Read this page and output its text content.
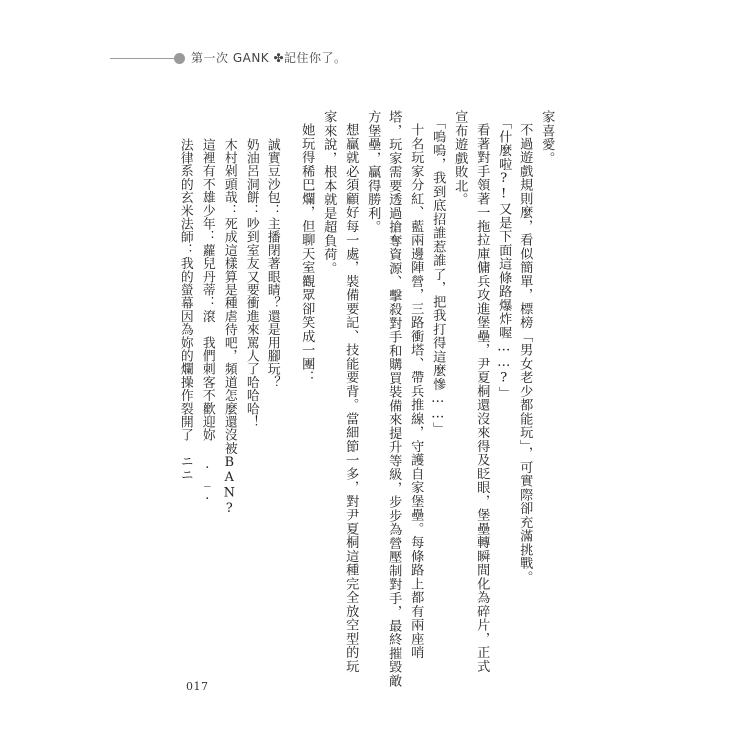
第一次 GANK ✤記住你了。
家喜愛。
不過遊戲規則麼，看似簡單，標榜「男女老少都能玩」，可實際卻充滿挑戰。
「什麼啦?!又是下面這條路爆炸喔……?」
看著對手領著一拖拉庫傭兵攻進堡壘，尹夏桐還沒來得及眨眼，堡壘轉瞬間化為碎片，正式
宣布遊戲敗北。
「嗚嗚，我到底招誰惹誰了，把我打得這麼慘……」
十名玩家分紅、藍兩邊陣營，三路衝塔、帶兵推線，守護自家堡壘。每條路上都有兩座哨
塔，玩家需要透過搶奪資源、擊殺對手和購買裝備來提升等級，步步為營壓制對手，最終摧毀敵
方堡壘，贏得勝利。
想贏就必須顧好每一處，裝備要記、技能要背。當細節一多，對尹夏桐這種完全放空型的玩
家來說，根本就是超負荷。
她玩得稀巴爛，但聊天室觀眾卻笑成一團：
誠實豆沙包：主播閉著眼睛？還是用腳玩？
奶油呂洞餅：吵到室友又要衝進來罵人了哈哈哈！
木村剁頭哉：死成這樣算是種虐待吧，頻道怎麼還沒被BAN?
這裡有不雄少年：蘿兒丹蒂：滾　我們刺客不歡迎妳 ._.
法律系的玄米法師：我的螢幕因為妳的爛操作裂開了　ニニ
017
